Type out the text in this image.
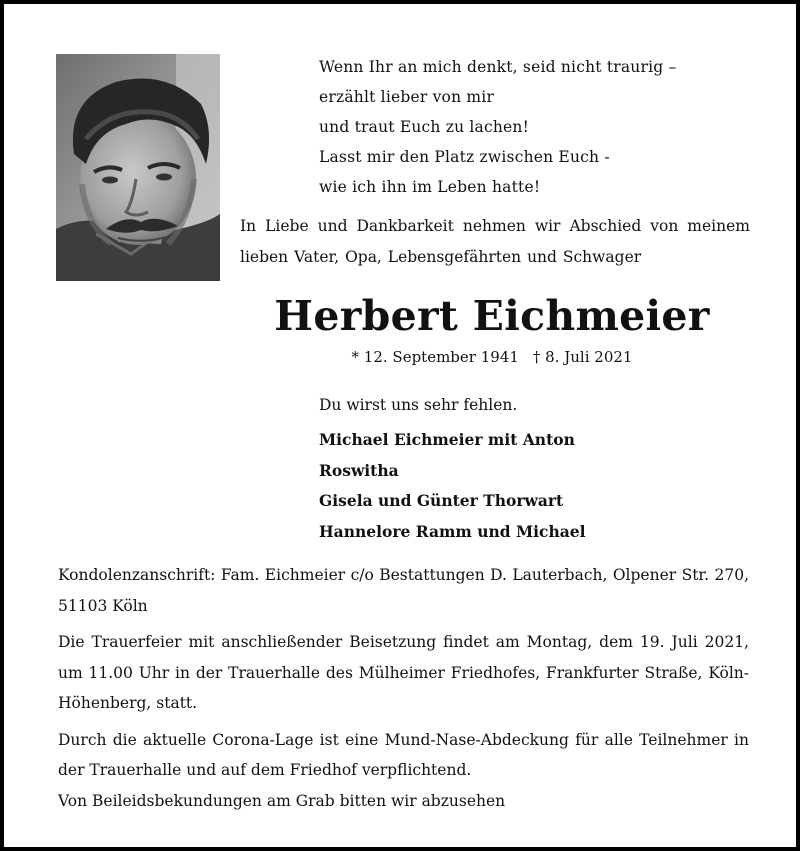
Wenn Ihr an mich denkt, seid nicht traurig –
erzählt lieber von mir
und traut Euch zu lachen!
Lasst mir den Platz zwischen Euch -
wie ich ihn im Leben hatte!
In Liebe und Dankbarkeit nehmen wir Abschied von meinem lieben Vater, Opa, Lebensgefährten und Schwager
Herbert Eichmeier
* 12. September 1941 † 8. Juli 2021
Du wirst uns sehr fehlen.
Michael Eichmeier mit Anton
Roswitha
Gisela und Günter Thorwart
Hannelore Ramm und Michael
Kondolenzanschrift: Fam. Eichmeier c/o Bestattungen D. Lauterbach, Olpener Str. 270, 51103 Köln
Die Trauerfeier mit anschließender Beisetzung findet am Montag, dem 19. Juli 2021, um 11.00 Uhr in der Trauerhalle des Mülheimer Friedhofes, Frankfurter Straße, Köln-Höhenberg, statt.
Durch die aktuelle Corona-Lage ist eine Mund-Nase-Abdeckung für alle Teilnehmer in der Trauerhalle und auf dem Friedhof verpflichtend.
Von Beileidsbekundungen am Grab bitten wir abzusehen
